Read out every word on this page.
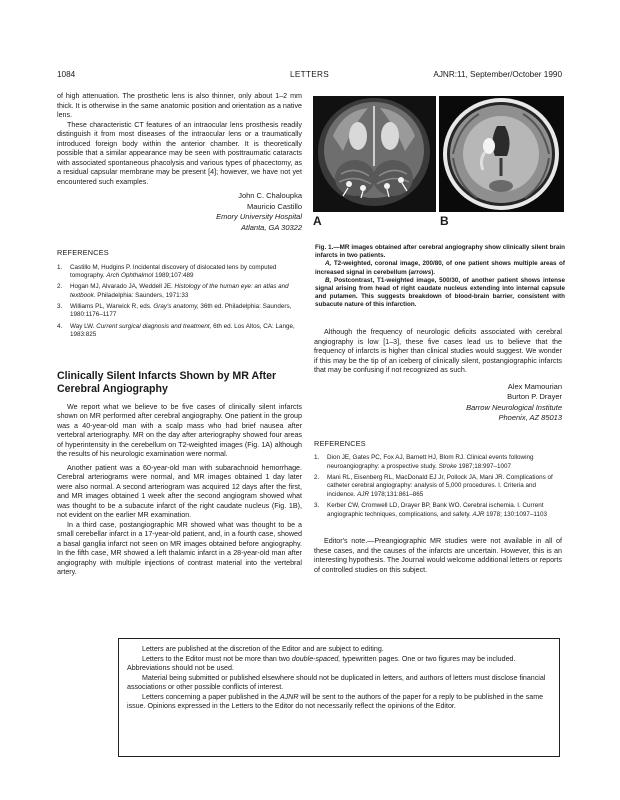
1084	LETTERS	AJNR:11, September/October 1990

of high attenuation. The prosthetic lens is also thinner, only about 1–2 mm thick. It is otherwise in the same anatomic position and orientation as a native lens.

These characteristic CT features of an intraocular lens prosthesis readily distinguish it from most diseases of the intraocular lens or a traumatically introduced foreign body within the anterior chamber. It is theoretically possible that a similar appearance may be seen with posttraumatic cataracts with associated spontaneous phacolysis and various types of phacectomy, as a residual capsular membrane may be present [4]; however, we have not yet encountered such examples.

John C. Chaloupka
Mauricio Castillo
Emory University Hospital
Atlanta, GA 30322

REFERENCES

1. Castillo M, Hudgins P. Incidental discovery of dislocated lens by computed tomography. Arch Ophthalmol 1989;107:489
2. Hogan MJ, Alvarado JA, Weddell JE. Histology of the human eye: an atlas and textbook. Philadelphia: Saunders, 1971:33
3. Williams PL, Warwick R, eds. Gray's anatomy, 36th ed. Philadelphia: Saunders, 1980:1176–1177
4. Way LW. Current surgical diagnosis and treatment, 6th ed. Los Altos, CA: Lange, 1983:825

Clinically Silent Infarcts Shown by MR After Cerebral Angiography

We report what we believe to be five cases of clinically silent infarcts shown on MR performed after cerebral angiography. One patient in the group was a 40-year-old man with a scalp mass who had brief nausea after vertebral arteriography. MR on the day after arteriography showed four areas of hyperintensity in the cerebellum on T2-weighted images (Fig. 1A) although the results of his neurologic examination were normal.

Another patient was a 60-year-old man with subarachnoid hemorrhage. Cerebral arteriograms were normal, and MR images obtained 1 day later were also normal. A second arteriogram was acquired 12 days after the first, and MR images obtained 1 week after the second angiogram showed what was thought to be a subacute infarct of the right caudate nucleus (Fig. 1B), not evident on the earlier MR examination.

In a third case, postangiographic MR showed what was thought to be a small cerebellar infarct in a 17-year-old patient, and, in a fourth case, showed a basal ganglia infarct not seen on MR images obtained before angiography. In the fifth case, MR showed a left thalamic infarct in a 28-year-old man after angiography with multiple injections of contrast material into the vertebral artery.

A	B

Fig. 1.—MR images obtained after cerebral angiography show clinically silent brain infarcts in two patients.

A, T2-weighted, coronal image, 200/80, of one patient shows multiple areas of increased signal in cerebellum (arrows).

B, Postcontrast, T1-weighted image, 500/30, of another patient shows intense signal arising from head of right caudate nucleus extending into internal capsule and putamen. This suggests breakdown of blood-brain barrier, consistent with subacute nature of this infarction.

Although the frequency of neurologic deficits associated with cerebral angiography is low [1–3], these five cases lead us to believe that the frequency of infarcts is higher than clinical studies would suggest. We wonder if this may be the tip of an iceberg of clinically silent, postangiographic infarcts that may be confusing if not recognized as such.

Alex Mamourian
Burton P. Drayer
Barrow Neurological Institute
Phoenix, AZ 85013

REFERENCES

1. Dion JE, Gates PC, Fox AJ, Barnett HJ, Blom RJ. Clinical events following neuroangiography: a prospective study. Stroke 1987;18:997–1007
2. Mani RL, Eisenberg RL, MacDonald EJ Jr, Pollock JA, Mani JR. Complications of catheter cerebral angiography: analysis of 5,000 procedures. I. Criteria and incidence. AJR 1978;131:861–865
3. Kerber CW, Cromwell LD, Drayer BP, Bank WO. Cerebral ischemia. I. Current angiographic techniques, complications, and safety. AJR 1978; 130:1097–1103

Editor's note.—Preangiographic MR studies were not available in all of these cases, and the causes of the infarcts are uncertain. However, this is an interesting hypothesis. The Journal would welcome additional letters or reports of controlled studies on this subject.

Letters are published at the discretion of the Editor and are subject to editing.

Letters to the Editor must not be more than two double-spaced, typewritten pages. One or two figures may be included. Abbreviations should not be used.

Material being submitted or published elsewhere should not be duplicated in letters, and authors of letters must disclose financial associations or other possible conflicts of interest.

Letters concerning a paper published in the AJNR will be sent to the authors of the paper for a reply to be published in the same issue. Opinions expressed in the Letters to the Editor do not necessarily reflect the opinions of the Editor.
